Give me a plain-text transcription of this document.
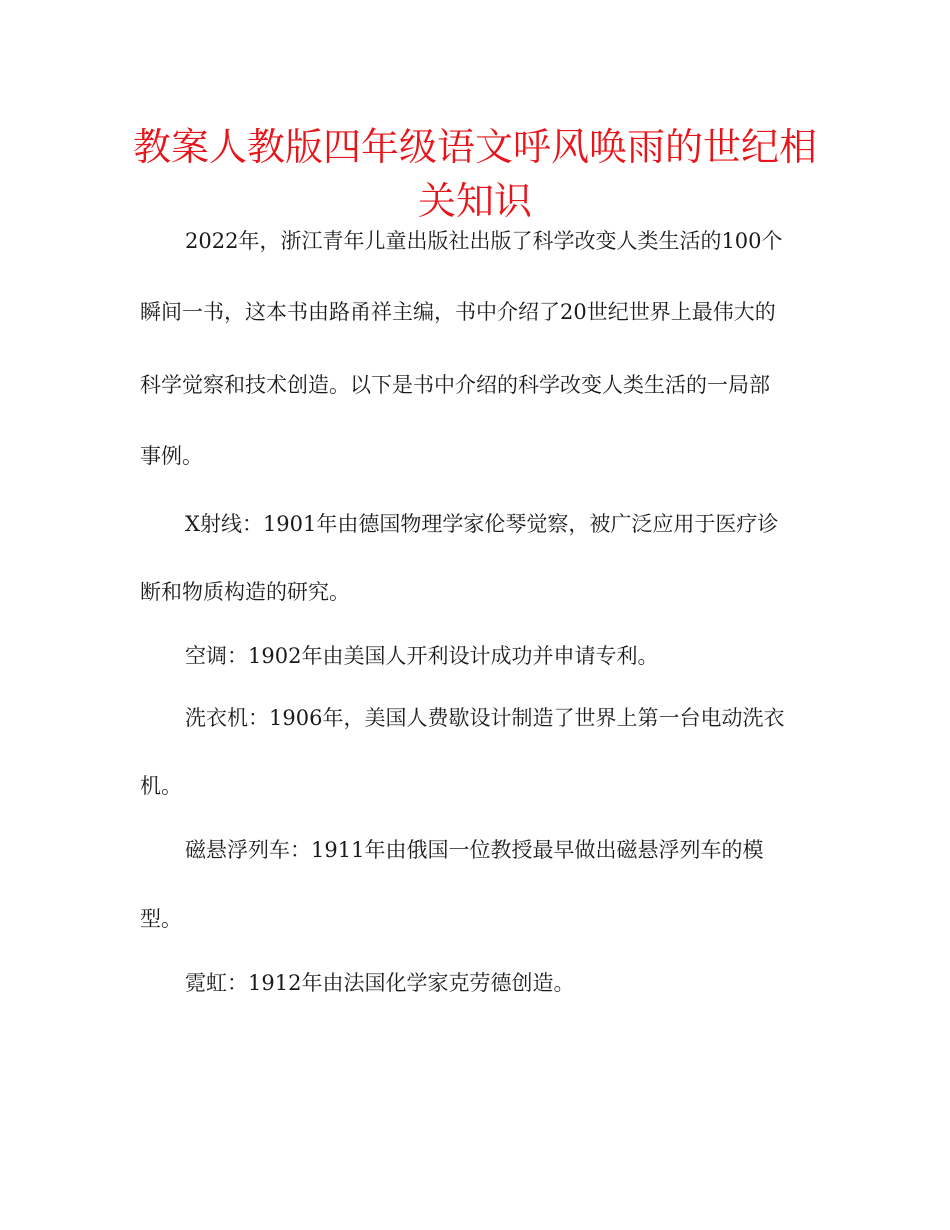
教案人教版四年级语文呼风唤雨的世纪相
关知识

2022年，浙江青年儿童出版社出版了科学改变人类生活的100个

瞬间一书，这本书由路甬祥主编，书中介绍了20世纪世界上最伟大的

科学觉察和技术创造。以下是书中介绍的科学改变人类生活的一局部

事例。

X射线：1901年由德国物理学家伦琴觉察，被广泛应用于医疗诊

断和物质构造的研究。

空调：1902年由美国人开利设计成功并申请专利。

洗衣机：1906年，美国人费歇设计制造了世界上第一台电动洗衣

机。

磁悬浮列车：1911年由俄国一位教授最早做出磁悬浮列车的模

型。

霓虹：1912年由法国化学家克劳德创造。
